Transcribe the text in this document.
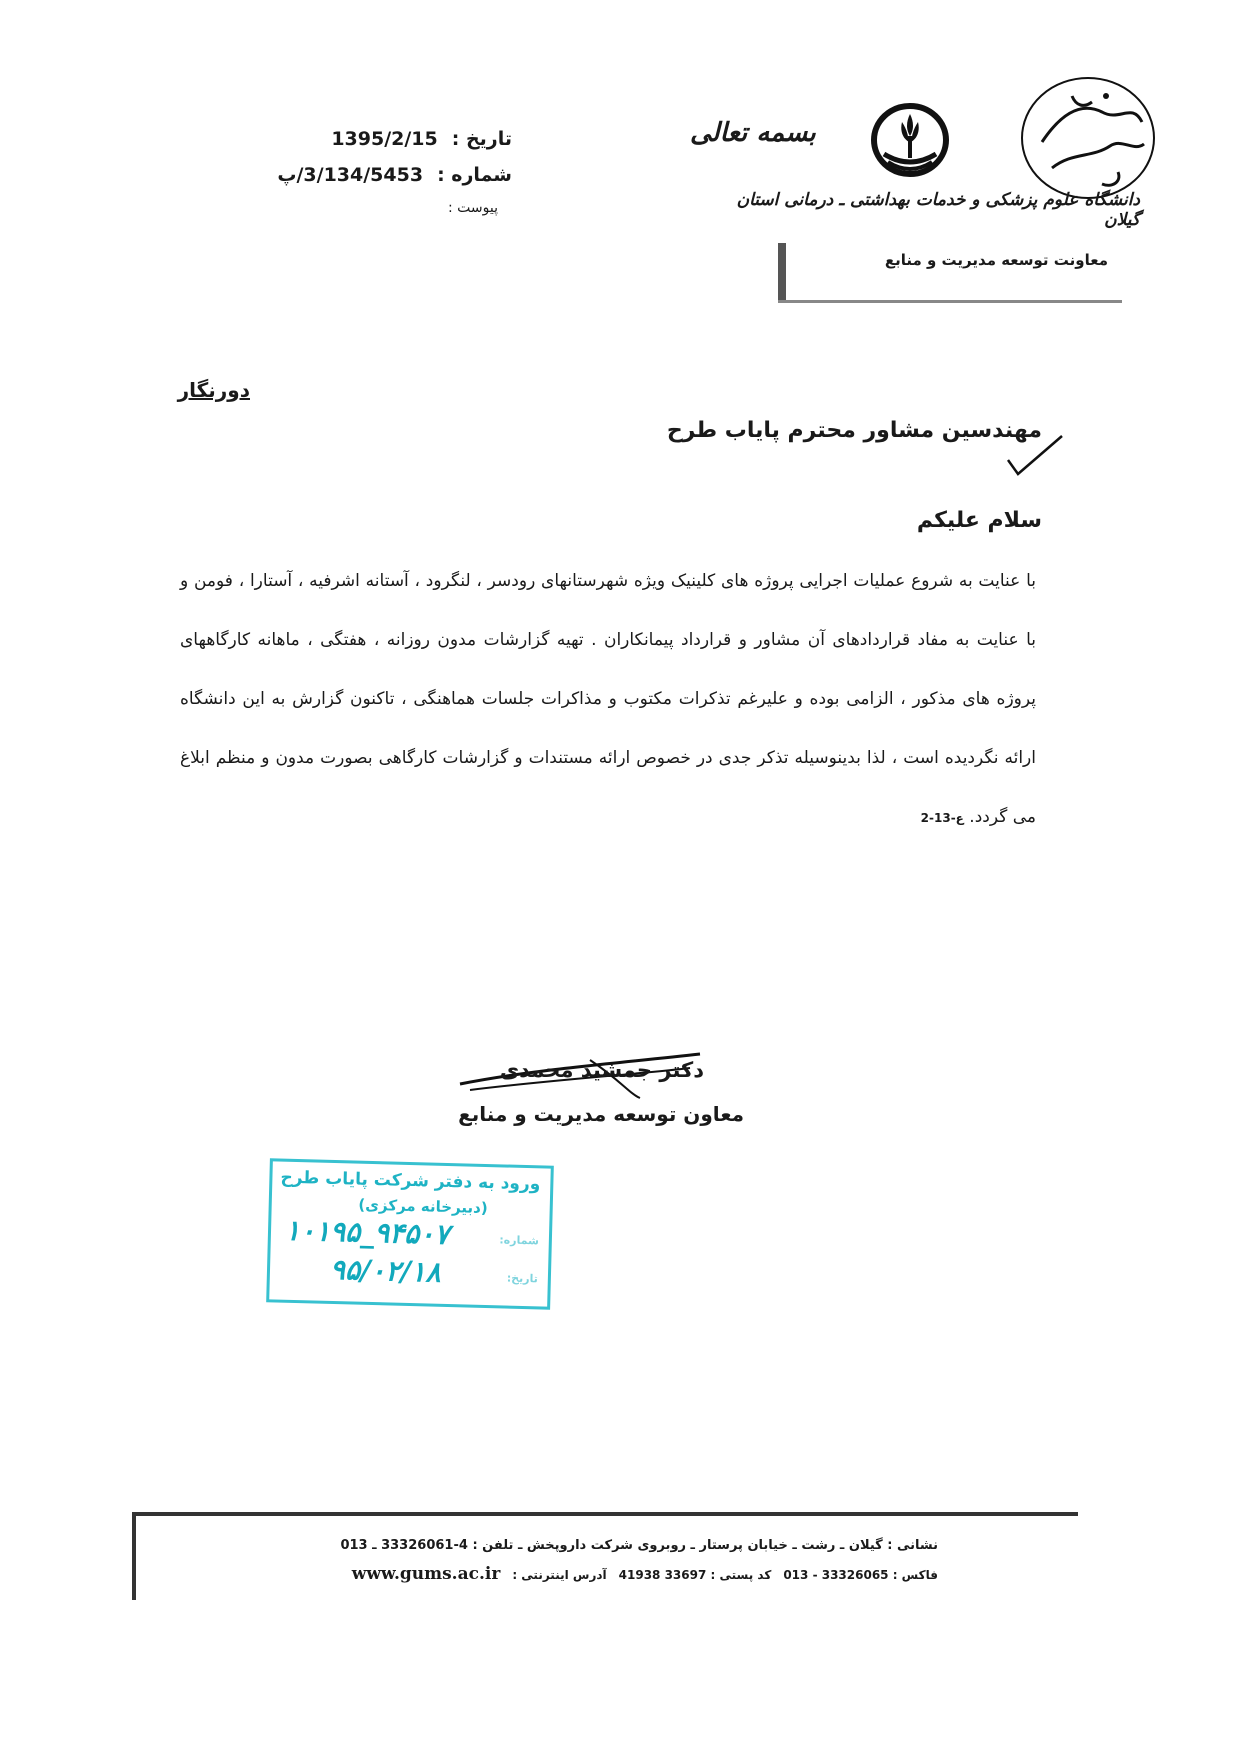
تاریخ :
1395/2/15
شماره :
3/134/5453/پ
پیوست :
بسمه تعالی
دانشگاه علوم پزشکی و خدمات بهداشتی ـ درمانی استان گیلان
معاونت توسعه مدیریت و منابع
دورنگار
مهندسین مشاور محترم پایاب طرح
سلام علیکم
با عنایت به شروع عملیات اجرایی پروژه های کلینیک ویژه شهرستانهای رودسر ، لنگرود ، آستانه اشرفیه ، آستارا ، فومن و با عنایت به مفاد قراردادهای آن مشاور و قرارداد پیمانکاران . تهیه گزارشات مدون روزانه ، هفتگی ، ماهانه کارگاههای پروژه های مذکور ، الزامی بوده و علیرغم تذکرات مکتوب و مذاکرات جلسات هماهنگی ، تاکنون گزارش به این دانشگاه ارائه نگردیده است ، لذا بدینوسیله تذکر جدی در خصوص ارائه مستندات و گزارشات کارگاهی بصورت مدون و منظم ابلاغ می گردد. ع-13-2
دکتر جمشید محمدی
معاون توسعه مدیریت و منابع
ورود به دفتر شرکت پایاب طرح
(دبیرخانه مرکزی)
شماره:
۱۰۱۹۵_۹۴۵۰۷
تاریخ:
۹۵/۰۲/۱۸
نشانی : گیلان ـ رشت ـ خیابان پرستار ـ روبروی شرکت داروپخش ـ تلفن : 4-33326061 ـ 013
فاکس : 33326065 - 013
کد پستی : 33697 41938
آدرس اینترنتی :
www.gums.ac.ir
